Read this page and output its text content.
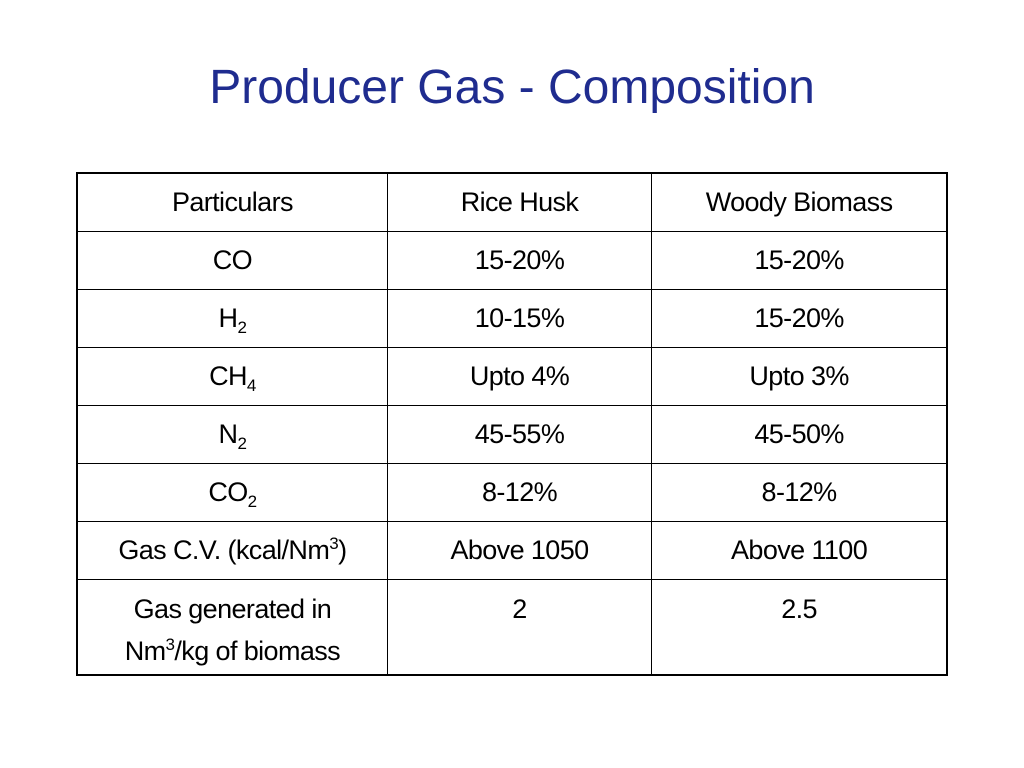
Producer Gas - Composition
Particulars	Rice Husk	Woody Biomass
CO	15-20%	15-20%
$H_2$	10-15%	15-20%
$CH_4$	Upto 4%	Upto 3%
$N_2$	45-55%	45-50%
$CO_2$	8-12%	8-12%
Gas C.V. (kcal/Nm$^3$)	Above 1050	Above 1100
Gas generated in
Nm$^3$/kg of biomass	2	2.5
